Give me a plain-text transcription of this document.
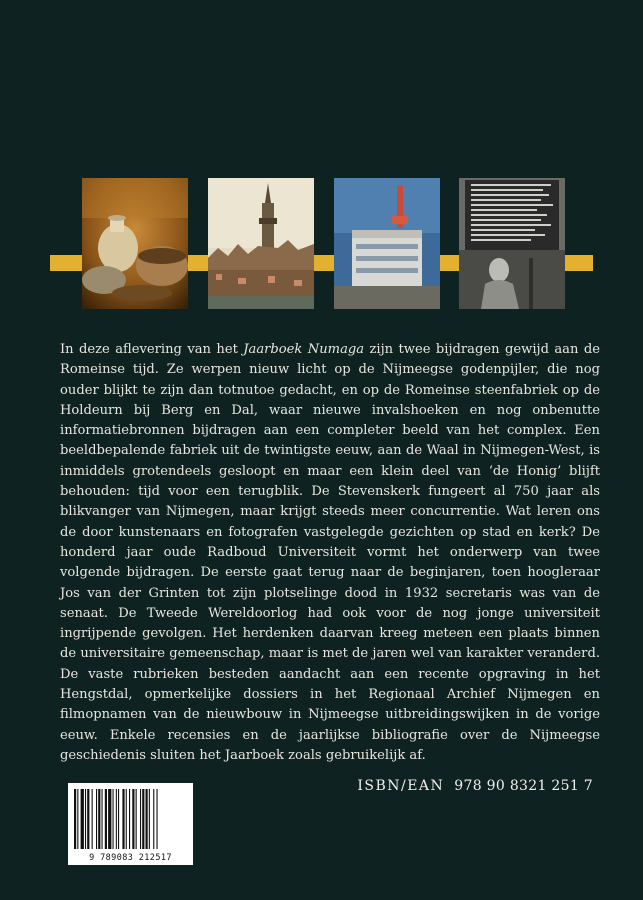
In deze aflevering van het Jaarboek Numaga zijn twee bijdragen gewijd aan de Romeinse tijd. Ze werpen nieuw licht op de Nijmeegse godenpijler, die nog ouder blijkt te zijn dan totnutoe gedacht, en op de Romeinse steenfabriek op de Holdeurn bij Berg en Dal, waar nieuwe invalshoeken en nog onbenutte informatiebronnen bijdragen aan een completer beeld van het complex. Een beeldbepalende fabriek uit de twintigste eeuw, aan de Waal in Nijmegen-West, is inmiddels grotendeels gesloopt en maar een klein deel van ‘de Honig’ blijft behouden: tijd voor een terugblik. De Stevenskerk fungeert al 750 jaar als blikvanger van Nijmegen, maar krijgt steeds meer concurrentie. Wat leren ons de door kunstenaars en fotografen vastgelegde gezichten op stad en kerk? De honderd jaar oude Radboud Universiteit vormt het onderwerp van twee volgende bijdragen. De eerste gaat terug naar de beginjaren, toen hoogleraar Jos van der Grinten tot zijn plotselinge dood in 1932 secretaris was van de senaat. De Tweede Wereldoorlog had ook voor de nog jonge universiteit ingrijpende gevolgen. Het herdenken daarvan kreeg meteen een plaats binnen de universitaire gemeenschap, maar is met de jaren wel van karakter veranderd. De vaste rubrieken besteden aandacht aan een recente opgraving in het Hengstdal, opmerkelijke dossiers in het Regionaal Archief Nijmegen en filmopnamen van de nieuwbouw in Nijmeegse uitbreidingswijken in de vorige eeuw. Enkele recensies en de jaarlijkse bibliografie over de Nijmeegse geschiedenis sluiten het Jaarboek zoals gebruikelijk af.
ISBN/EAN 978 90 8321 251 7
9 789083 212517
